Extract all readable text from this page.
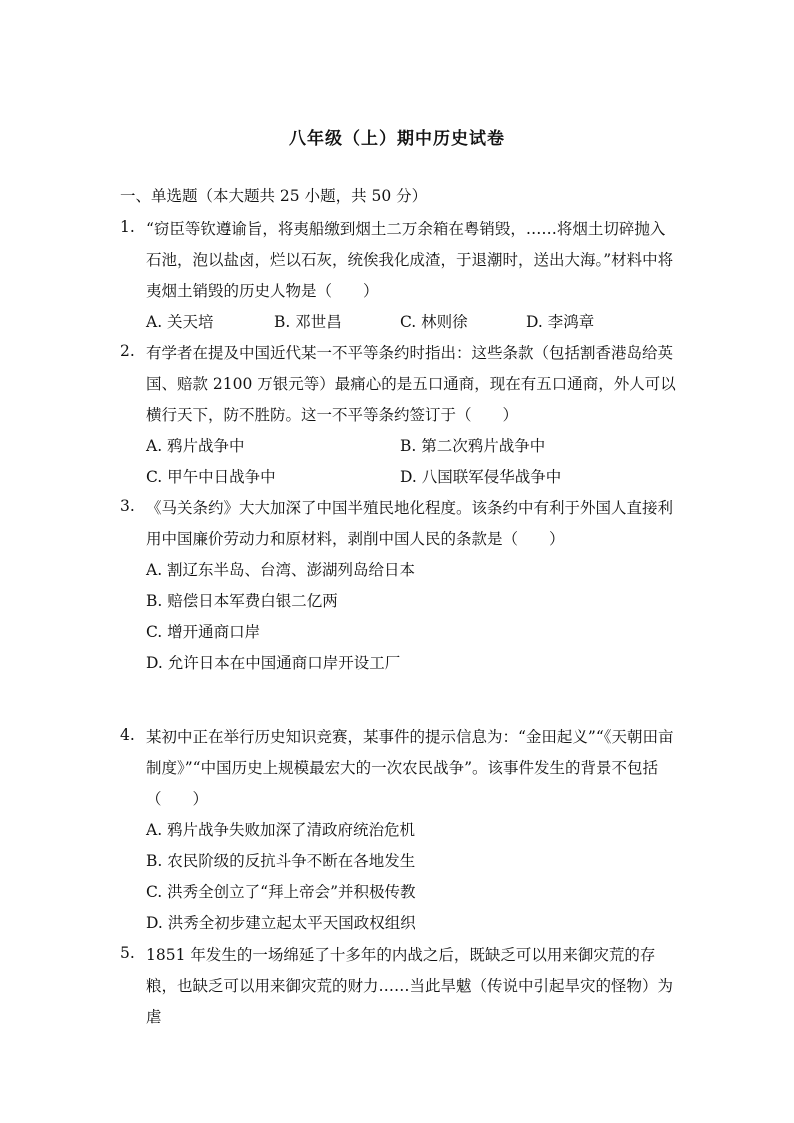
八年级（上）期中历史试卷
一、单选题（本大题共 25 小题，共 50 分）
1. “窃臣等钦遵谕旨，将夷船缴到烟土二万余箱在粤销毁，……将烟土切碎抛入石池，泡以盐卤，烂以石灰，统俟我化成渣，于退潮时，送出大海。”材料中将夷烟土销毁的历史人物是（　　）
A. 关天培	B. 邓世昌	C. 林则徐	D. 李鸿章
2. 有学者在提及中国近代某一不平等条约时指出：这些条款（包括割香港岛给英国、赔款 2100 万银元等）最痛心的是五口通商，现在有五口通商，外人可以横行天下，防不胜防。这一不平等条约签订于（　　）
A. 鸦片战争中	B. 第二次鸦片战争中
C. 甲午中日战争中	D. 八国联军侵华战争中
3. 《马关条约》大大加深了中国半殖民地化程度。该条约中有利于外国人直接利用中国廉价劳动力和原材料，剥削中国人民的条款是（　　）
A. 割辽东半岛、台湾、澎湖列岛给日本
B. 赔偿日本军费白银二亿两
C. 增开通商口岸
D. 允许日本在中国通商口岸开设工厂
4. 某初中正在举行历史知识竞赛，某事件的提示信息为：“金田起义”“《天朝田亩制度》”“中国历史上规模最宏大的一次农民战争”。该事件发生的背景不包括（　　）
A. 鸦片战争失败加深了清政府统治危机
B. 农民阶级的反抗斗争不断在各地发生
C. 洪秀全创立了“拜上帝会”并积极传教
D. 洪秀全初步建立起太平天国政权组织
5. 1851 年发生的一场绵延了十多年的内战之后，既缺乏可以用来御灾荒的存粮，也缺乏可以用来御灾荒的财力……当此旱魃（传说中引起旱灾的怪物）为虐
